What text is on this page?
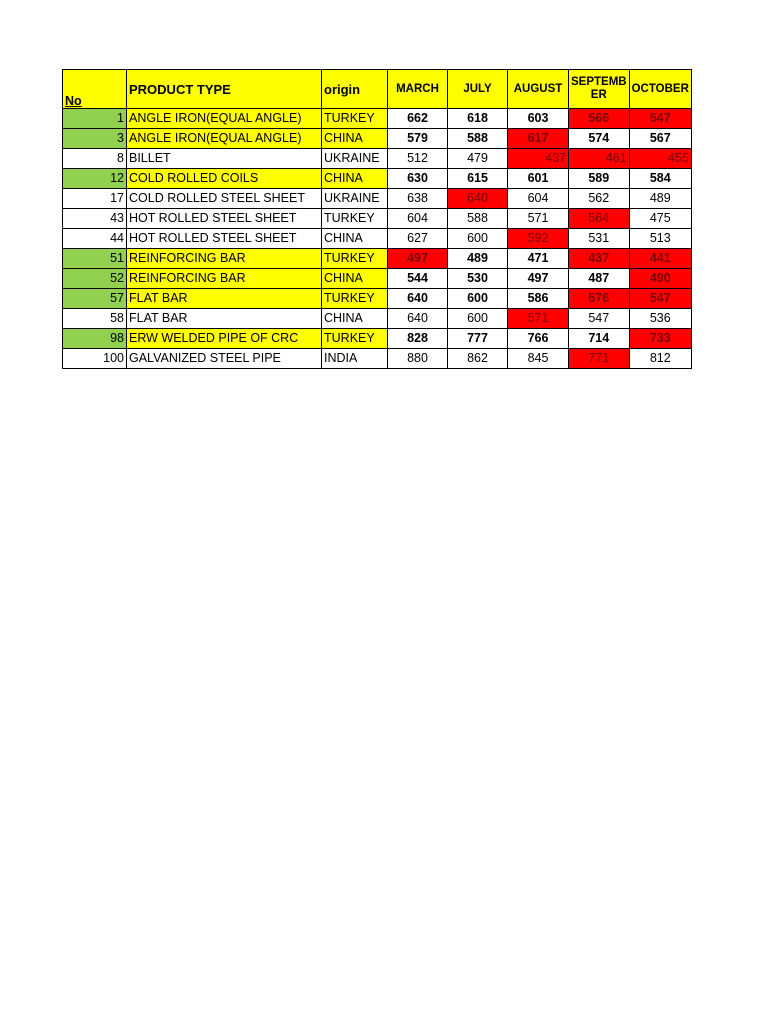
No	PRODUCT TYPE	origin	MARCH	JULY	AUGUST	SEPTEMB ER	OCTOBER
1	ANGLE IRON(EQUAL ANGLE)	TURKEY	662	618	603	566	547
3	ANGLE IRON(EQUAL ANGLE)	CHINA	579	588	617	574	567
8	BILLET	UKRAINE	512	479	437	461	455
12	COLD ROLLED COILS	CHINA	630	615	601	589	584
17	COLD ROLLED STEEL SHEET	UKRAINE	638	640	604	562	489
43	HOT ROLLED STEEL SHEET	TURKEY	604	588	571	564	475
44	HOT ROLLED STEEL SHEET	CHINA	627	600	592	531	513
51	REINFORCING BAR	TURKEY	497	489	471	437	441
52	REINFORCING BAR	CHINA	544	530	497	487	490
57	FLAT BAR	TURKEY	640	600	586	576	547
58	FLAT BAR	CHINA	640	600	571	547	536
98	ERW WELDED PIPE OF CRC	TURKEY	828	777	766	714	733
100	GALVANIZED STEEL PIPE	INDIA	880	862	845	771	812
